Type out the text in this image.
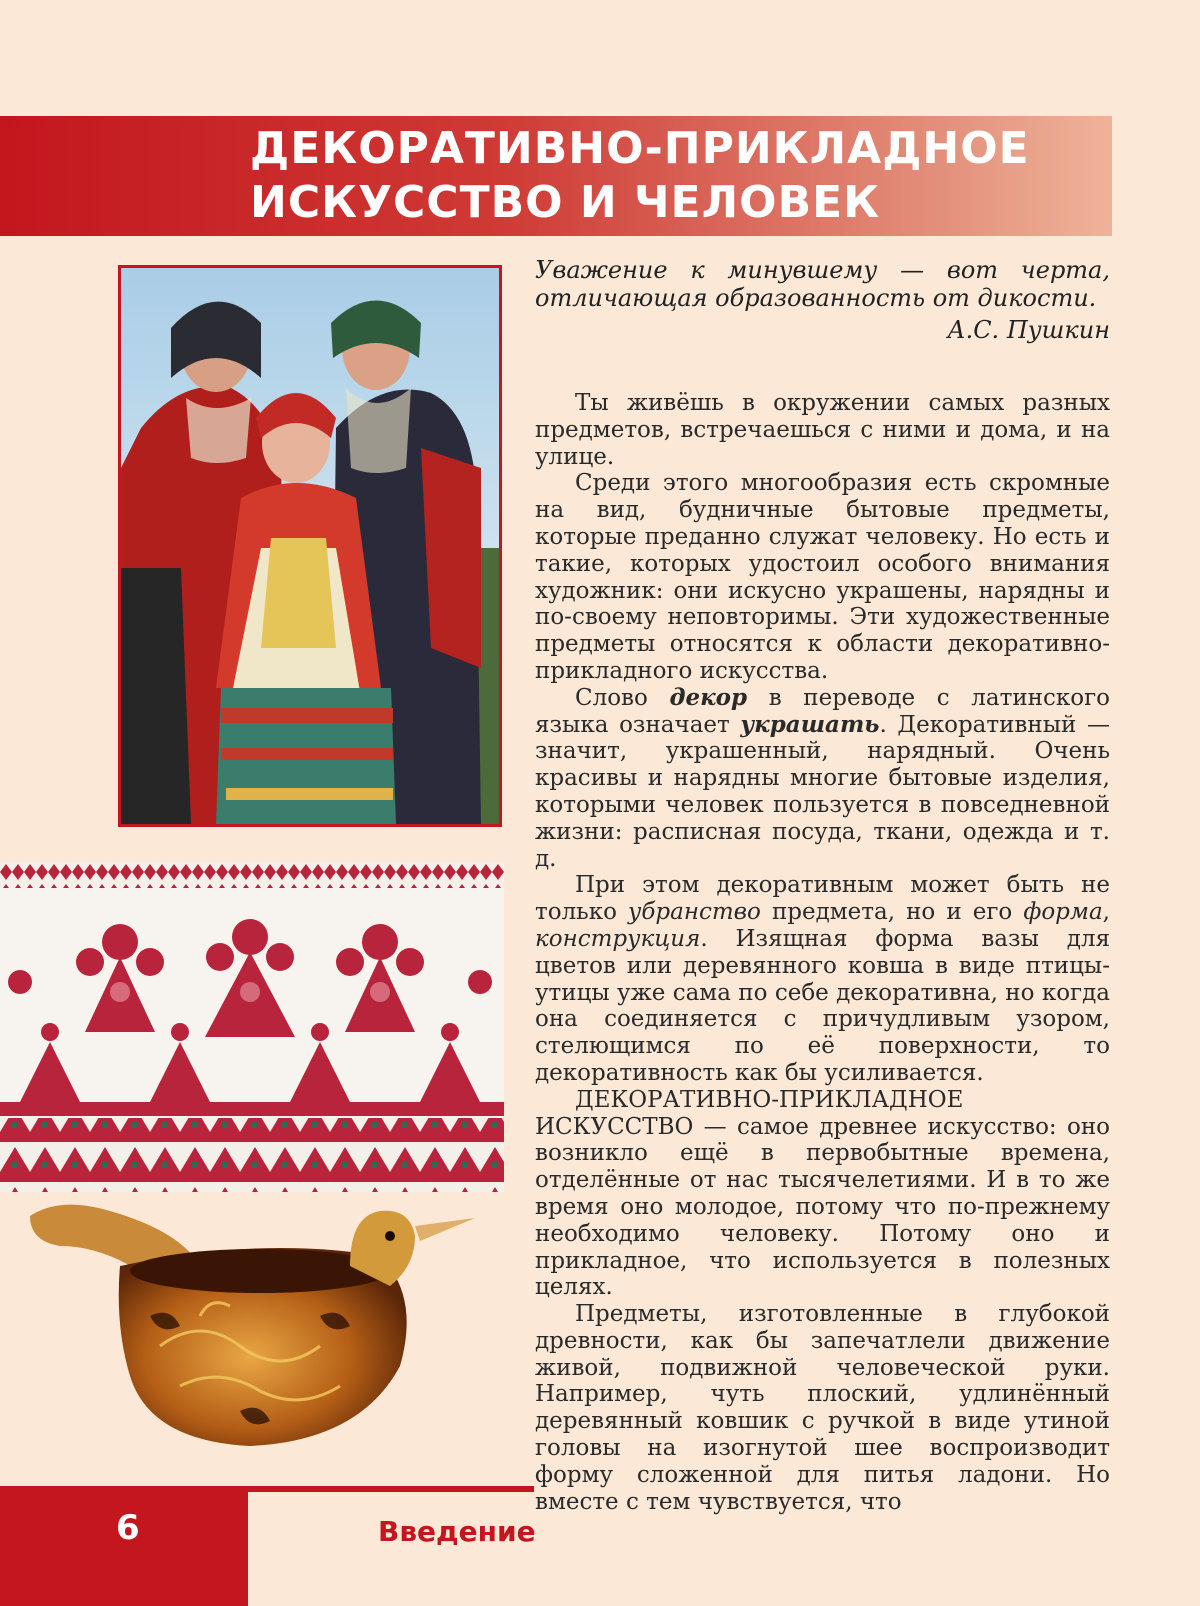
ДЕКОРАТИВНО-ПРИКЛАДНОЕ
ИСКУССТВО И ЧЕЛОВЕК
Уважение к минувшему — вот черта, отличающая образованность от дикости.
А.С. Пушкин

Ты живёшь в окружении самых разных предметов, встречаешься с ними и дома, и на улице.

Среди этого многообразия есть скромные на вид, будничные бытовые предметы, которые преданно служат человеку. Но есть и такие, которых удостоил особого внимания художник: они искусно украшены, нарядны и по-своему неповторимы. Эти художественные предметы относятся к области декоративно-прикладного искусства.

Слово декор в переводе с латинского языка означает украшать. Декоративный — значит, украшенный, нарядный. Очень красивы и нарядны многие бытовые изделия, которыми человек пользуется в повседневной жизни: расписная посуда, ткани, одежда и т. д.

При этом декоративным может быть не только убранство предмета, но и его форма, конструкция. Изящная форма вазы для цветов или деревянного ковша в виде птицы-утицы уже сама по себе декоративна, но когда она соединяется с причудливым узором, стелющимся по её поверхности, то декоративность как бы усиливается.

ДЕКОРАТИВНО-ПРИКЛАДНОЕ ИСКУССТВО — самое древнее искусство: оно возникло ещё в первобытные времена, отделённые от нас тысячелетиями. И в то же время оно молодое, потому что по-прежнему необходимо человеку. Потому оно и прикладное, что используется в полезных целях.

Предметы, изготовленные в глубокой древности, как бы запечатлели движение живой, подвижной человеческой руки. Например, чуть плоский, удлинённый деревянный ковшик с ручкой в виде утиной головы на изогнутой шее воспроизводит форму сложенной для питья ладони. Но вместе с тем чувствуется, что

6	Введение
